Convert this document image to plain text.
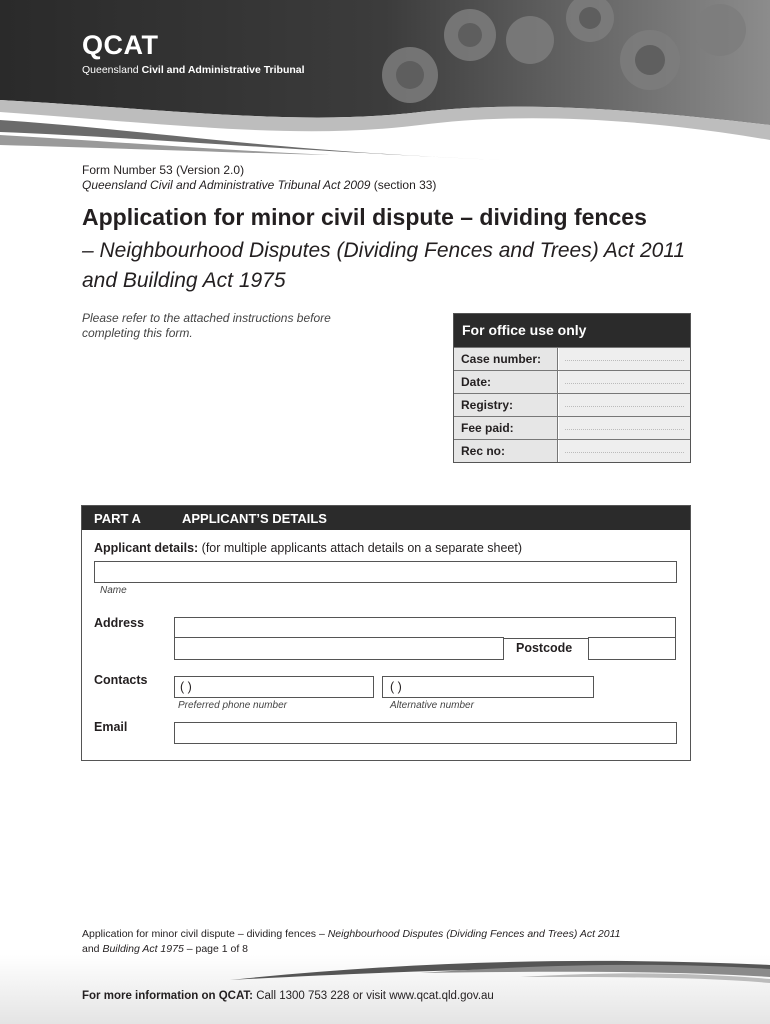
QCAT
Queensland Civil and Administrative Tribunal
Form Number 53 (Version 2.0)
Queensland Civil and Administrative Tribunal Act 2009 (section 33)
Application for minor civil dispute – dividing fences
– Neighbourhood Disputes (Dividing Fences and Trees) Act 2011 and Building Act 1975
Please refer to the attached instructions before completing this form.	For office use only
Case number:
Date:
Registry:
Fee paid:
Rec no:
PART A	APPLICANT’S DETAILS
Applicant details: (for multiple applicants attach details on a separate sheet)
Name
Address
Postcode
Contacts	( )	( )
Preferred phone number	Alternative number
Email
Application for minor civil dispute – dividing fences – Neighbourhood Disputes (Dividing Fences and Trees) Act 2011
and Building Act 1975 – page 1 of 8
For more information on QCAT: Call 1300 753 228 or visit www.qcat.qld.gov.au
